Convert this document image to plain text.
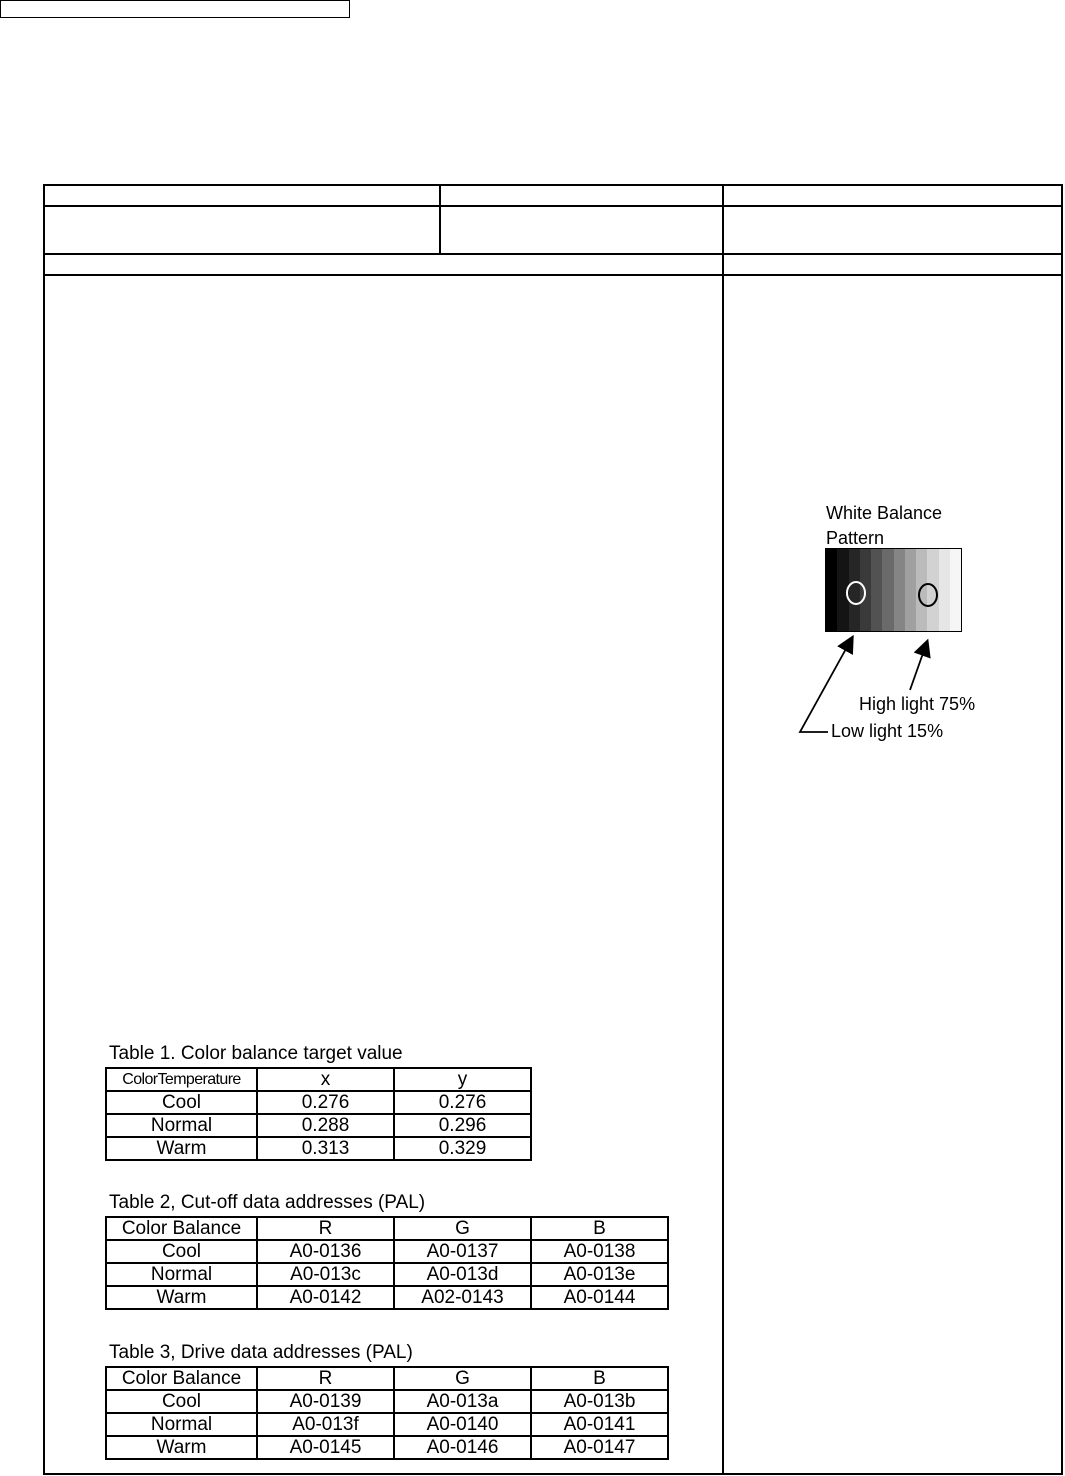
White Balance
Pattern
High light 75%
Low light 15%
Table 1. Color balance target value
ColorTemperature	x	y
Cool	0.276	0.276
Normal	0.288	0.296
Warm	0.313	0.329
Table 2, Cut-off data addresses (PAL)
Color Balance	R	G	B
Cool	A0-0136	A0-0137	A0-0138
Normal	A0-013c	A0-013d	A0-013e
Warm	A0-0142	A02-0143	A0-0144
Table 3, Drive data addresses (PAL)
Color Balance	R	G	B
Cool	A0-0139	A0-013a	A0-013b
Normal	A0-013f	A0-0140	A0-0141
Warm	A0-0145	A0-0146	A0-0147
